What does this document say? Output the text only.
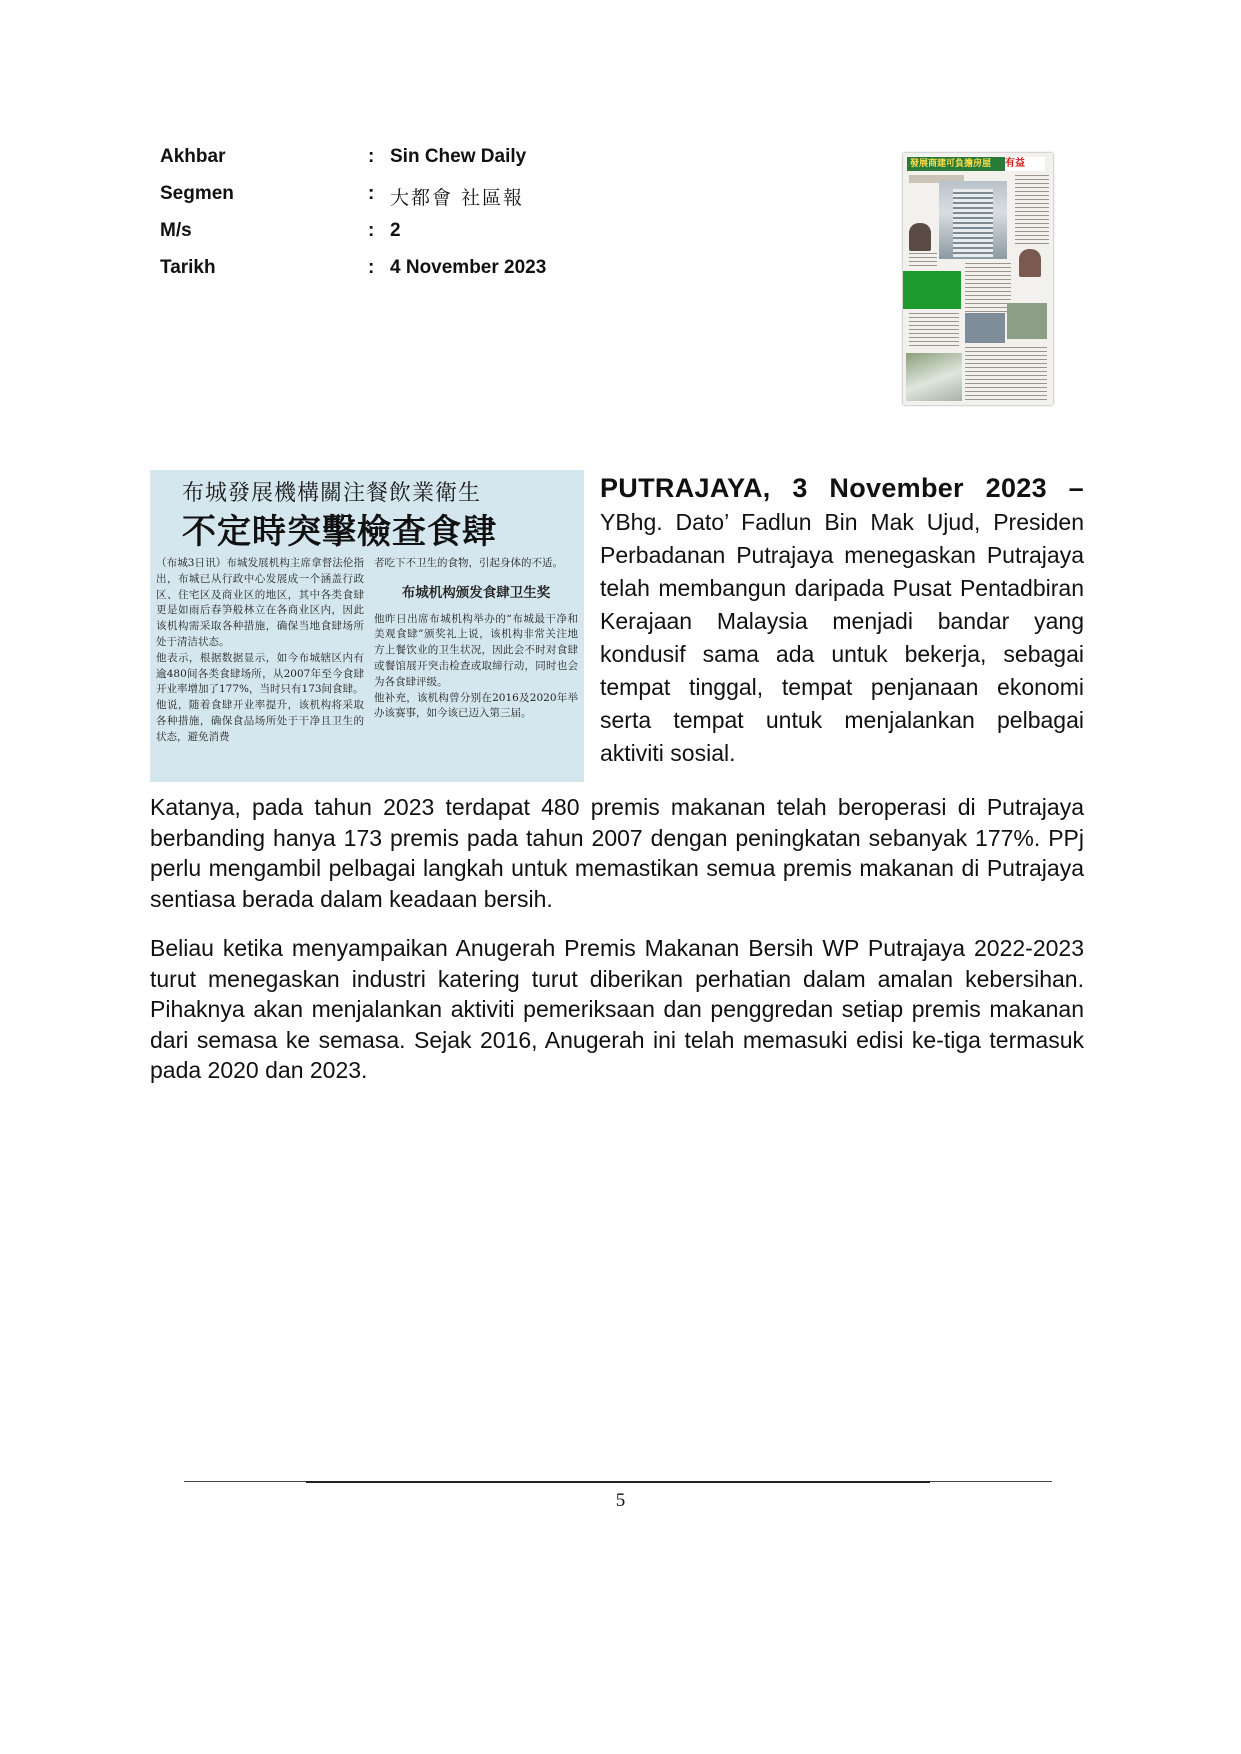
Akhbar	: Sin Chew Daily
Segmen	: 大都會 社區報
M/s	: 2
Tarikh	: 4 November 2023
發展商建可負擔房屋	有益
布城發展機構關注餐飲業衛生
不定時突擊檢查食肆

（布城3日讯）布城发展机构主席拿督法伦指出，布城已从行政中心发展成一个涵盖行政区、住宅区及商业区的地区，其中各类食肆更是如雨后春笋般林立在各商业区内，因此该机构需采取各种措施，确保当地食肆场所处于清洁状态。

他表示，根据数据显示，如今布城辖区内有逾480间各类食肆场所，从2007年至今食肆开业率增加了177%，当时只有173间食肆。

他说，随着食肆开业率提升，该机构将采取各种措施，确保食品场所处于干净且卫生的状态，避免消费

者吃下不卫生的食物，引起身体的不适。

布城机构颁发食肆卫生奖

他昨日出席布城机构举办的“布城最干净和美观食肆”颁奖礼上说，该机构非常关注地方上餐饮业的卫生状况，因此会不时对食肆或餐馆展开突击检查或取缔行动，同时也会为各食肆评级。

他补充，该机构曾分别在2016及2020年举办该赛事，如今该已迈入第三届。

PUTRAJAYA, 3 November 2023 – YBhg. Dato’ Fadlun Bin Mak Ujud, Presiden Perbadanan Putrajaya menegaskan Putrajaya telah membangun daripada Pusat Pentadbiran Kerajaan Malaysia menjadi bandar yang kondusif sama ada untuk bekerja, sebagai tempat tinggal, tempat penjanaan ekonomi serta tempat untuk menjalankan pelbagai aktiviti sosial.

Katanya, pada tahun 2023 terdapat 480 premis makanan telah beroperasi di Putrajaya berbanding hanya 173 premis pada tahun 2007 dengan peningkatan sebanyak 177%. PPj perlu mengambil pelbagai langkah untuk memastikan semua premis makanan di Putrajaya sentiasa berada dalam keadaan bersih.

Beliau ketika menyampaikan Anugerah Premis Makanan Bersih WP Putrajaya 2022-2023 turut menegaskan industri katering turut diberikan perhatian dalam amalan kebersihan. Pihaknya akan menjalankan aktiviti pemeriksaan dan penggredan setiap premis makanan dari semasa ke semasa. Sejak 2016, Anugerah ini telah memasuki edisi ke-tiga termasuk pada 2020 dan 2023.

5
